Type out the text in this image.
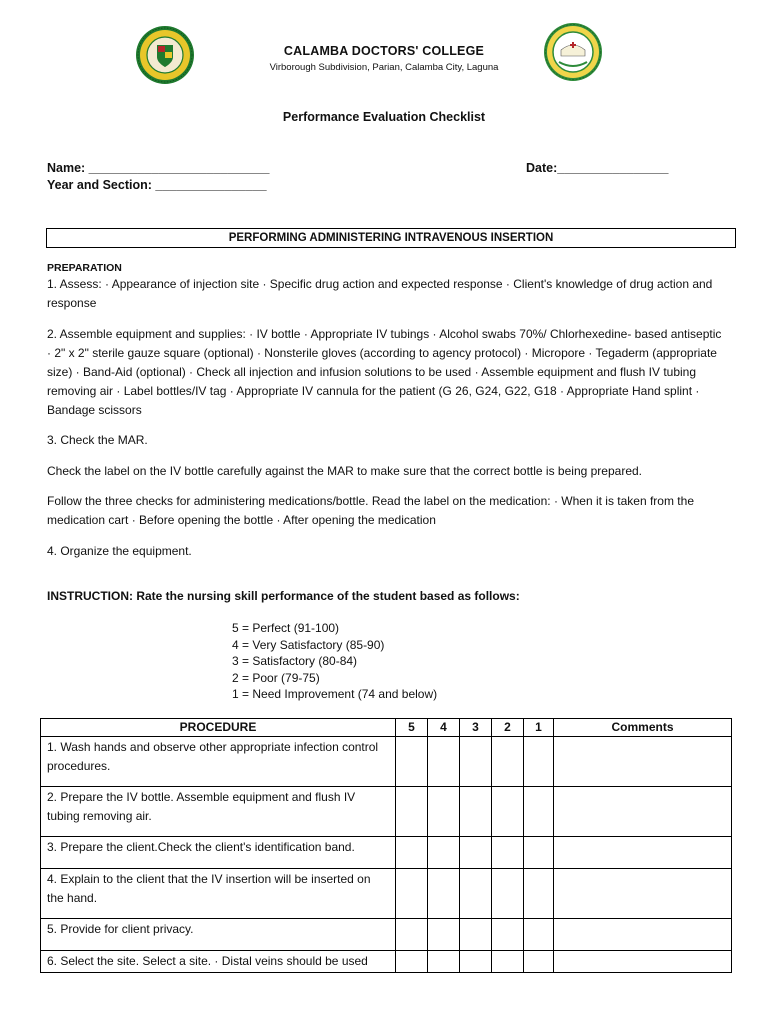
CALAMBA DOCTORS' COLLEGE
Virborough Subdivision, Parian, Calamba City, Laguna
Performance Evaluation Checklist
Name: __________________________	Date:________________
Year and Section: ________________
PERFORMING ADMINISTERING INTRAVENOUS INSERTION
PREPARATION
1. Assess: · Appearance of injection site · Specific drug action and expected response · Client's knowledge of drug action and response
2. Assemble equipment and supplies: · IV bottle · Appropriate IV tubings · Alcohol swabs 70%/ Chlorhexedine- based antiseptic · 2" x 2" sterile gauze square (optional) · Nonsterile gloves (according to agency protocol) · Micropore · Tegaderm (appropriate size) · Band-Aid (optional) · Check all injection and infusion solutions to be used · Assemble equipment and flush IV tubing removing air · Label bottles/IV tag · Appropriate IV cannula for the patient (G 26, G24, G22, G18 · Appropriate Hand splint · Bandage scissors
3. Check the MAR.
Check the label on the IV bottle carefully against the MAR to make sure that the correct bottle is being prepared.
Follow the three checks for administering medications/bottle. Read the label on the medication: · When it is taken from the medication cart · Before opening the bottle · After opening the medication
4. Organize the equipment.
INSTRUCTION: Rate the nursing skill performance of the student based as follows:
5 = Perfect (91-100)
4 = Very Satisfactory (85-90)
3 = Satisfactory (80-84)
2 = Poor (79-75)
1 = Need Improvement (74 and below)
PROCEDURE	5	4	3	2	1	Comments
1. Wash hands and observe other appropriate infection control procedures.						
2. Prepare the IV bottle. Assemble equipment and flush IV tubing removing air.						
3. Prepare the client.Check the client's identification band.						
4. Explain to the client that the IV insertion will be inserted on the hand.						
5. Provide for client privacy.						
6. Select the site. Select a site. · Distal veins should be used						
